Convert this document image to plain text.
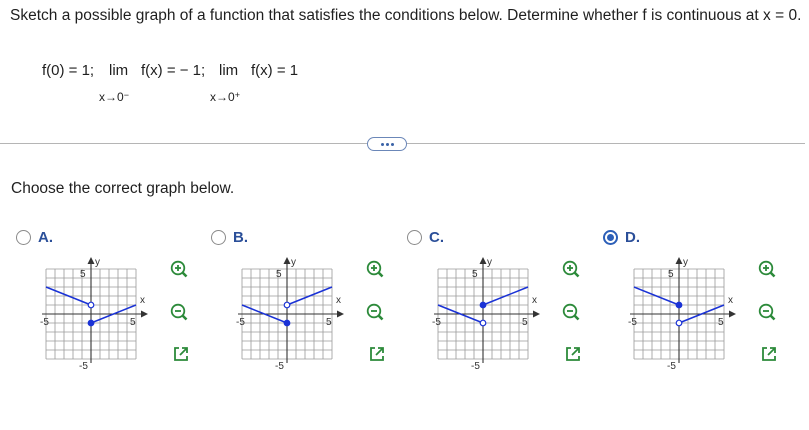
Sketch a possible graph of a function that satisfies the conditions below. Determine whether f is continuous at x = 0.
f(0) = 1; lim f(x) = − 1; lim f(x) = 1
x→0−	x→0+
Choose the correct graph below.
A.	B.	C.	D.
y
x
5
-5
-5	5
y
x
5
-5
-5	5
y
x
5
-5
-5	5
y
x
5
-5
-5	5
